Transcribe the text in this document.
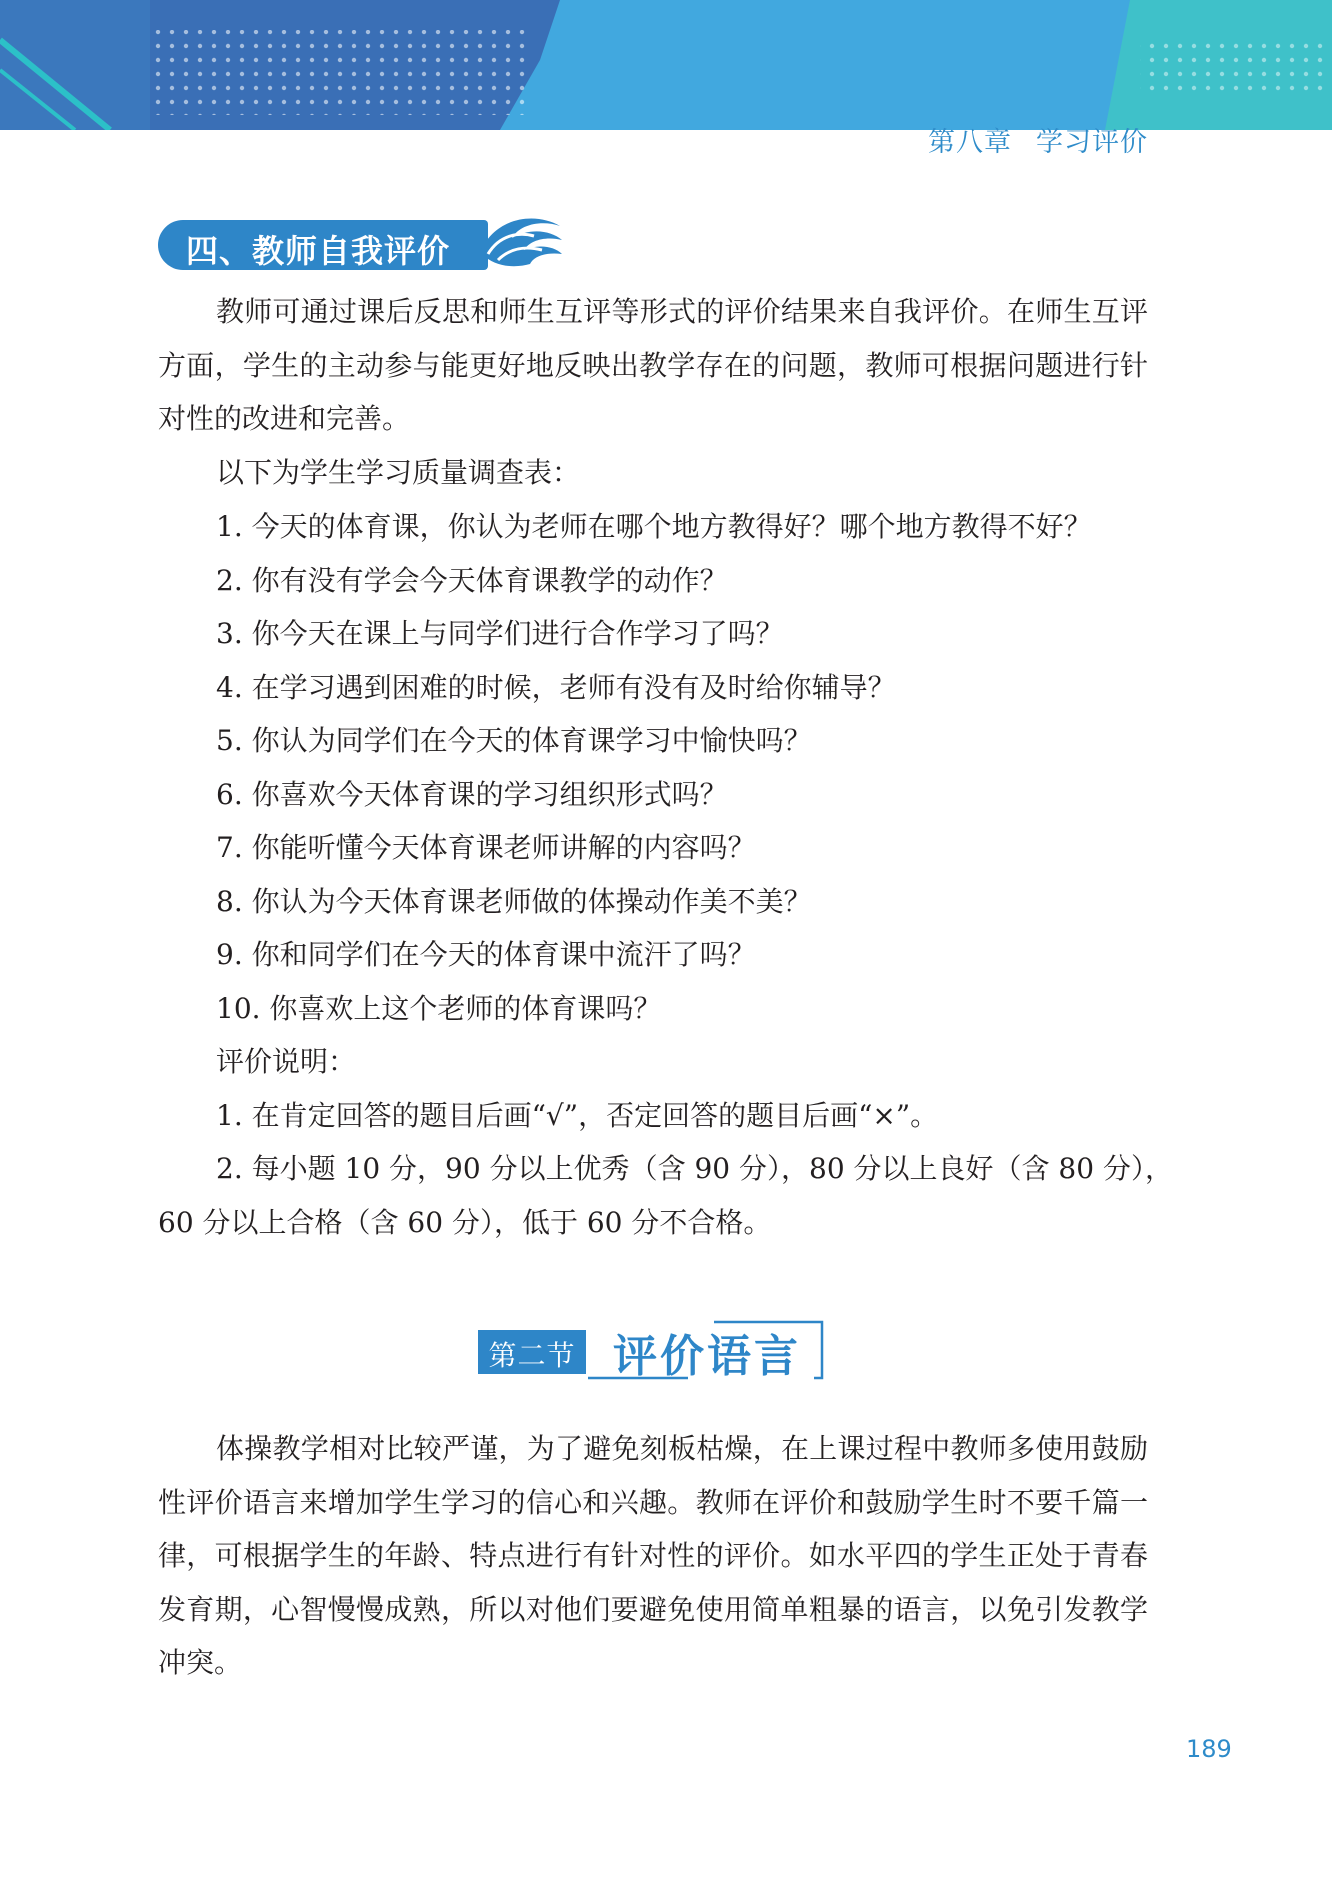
第八章 学习评价
四、教师自我评价

教师可通过课后反思和师生互评等形式的评价结果来自我评价。在师生互评方面，学生的主动参与能更好地反映出教学存在的问题，教师可根据问题进行针对性的改进和完善。

以下为学生学习质量调查表：
1. 今天的体育课，你认为老师在哪个地方教得好？哪个地方教得不好？
2. 你有没有学会今天体育课教学的动作？
3. 你今天在课上与同学们进行合作学习了吗？
4. 在学习遇到困难的时候，老师有没有及时给你辅导？
5. 你认为同学们在今天的体育课学习中愉快吗？
6. 你喜欢今天体育课的学习组织形式吗？
7. 你能听懂今天体育课老师讲解的内容吗？
8. 你认为今天体育课老师做的体操动作美不美？
9. 你和同学们在今天的体育课中流汗了吗？
10. 你喜欢上这个老师的体育课吗？
评价说明：
1. 在肯定回答的题目后画“√”，否定回答的题目后画“×”。
2. 每小题 10 分，90 分以上优秀（含 90 分），80 分以上良好（含 80 分），
60 分以上合格（含 60 分），低于 60 分不合格。
第二节 评价语言

体操教学相对比较严谨，为了避免刻板枯燥，在上课过程中教师多使用鼓励性评价语言来增加学生学习的信心和兴趣。教师在评价和鼓励学生时不要千篇一律，可根据学生的年龄、特点进行有针对性的评价。如水平四的学生正处于青春发育期，心智慢慢成熟，所以对他们要避免使用简单粗暴的语言，以免引发教学冲突。

189
